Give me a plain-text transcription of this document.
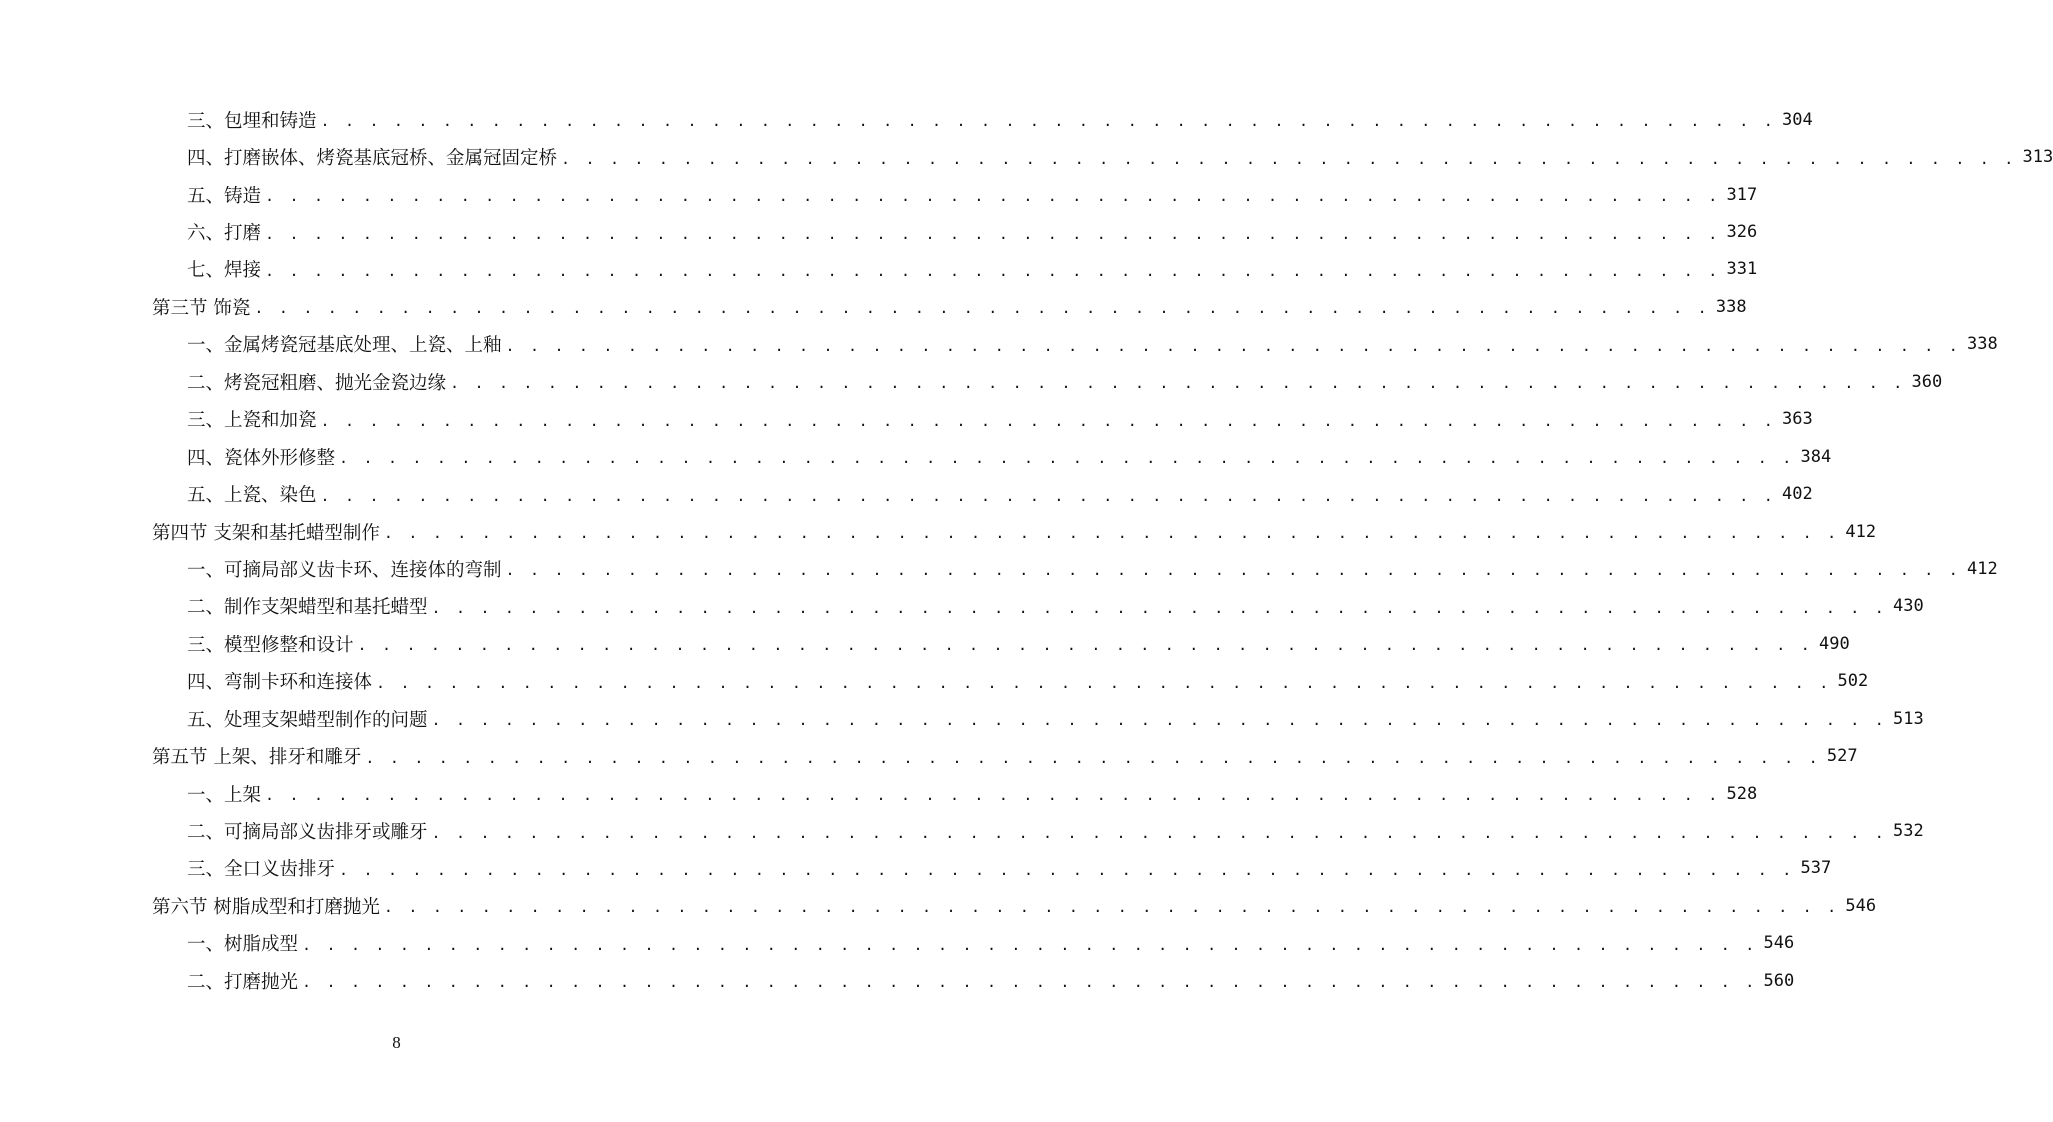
三、包埋和铸造 . . . . . . . . . . . . . . . . . . . . . . . . . . . . . . . . . . . . . . . . . . . . . . . . . . . . . . . . . . . . 304
四、打磨嵌体、烤瓷基底冠桥、金属冠固定桥 . . . . . . . . . . . . . . . . . . . . . . . . . . . . . . . . . . . . . . . . . . . . . . . . . . . . . . . . . . . . 313
五、铸造 . . . . . . . . . . . . . . . . . . . . . . . . . . . . . . . . . . . . . . . . . . . . . . . . . . . . . . . . . . . . 317
六、打磨 . . . . . . . . . . . . . . . . . . . . . . . . . . . . . . . . . . . . . . . . . . . . . . . . . . . . . . . . . . . . 326
七、焊接 . . . . . . . . . . . . . . . . . . . . . . . . . . . . . . . . . . . . . . . . . . . . . . . . . . . . . . . . . . . . 331
第三节 饰瓷 . . . . . . . . . . . . . . . . . . . . . . . . . . . . . . . . . . . . . . . . . . . . . . . . . . . . . . . . . . . . 338
一、金属烤瓷冠基底处理、上瓷、上釉 . . . . . . . . . . . . . . . . . . . . . . . . . . . . . . . . . . . . . . . . . . . . . . . . . . . . . . . . . . . . 338
二、烤瓷冠粗磨、抛光金瓷边缘 . . . . . . . . . . . . . . . . . . . . . . . . . . . . . . . . . . . . . . . . . . . . . . . . . . . . . . . . . . . . 360
三、上瓷和加瓷 . . . . . . . . . . . . . . . . . . . . . . . . . . . . . . . . . . . . . . . . . . . . . . . . . . . . . . . . . . . . 363
四、瓷体外形修整 . . . . . . . . . . . . . . . . . . . . . . . . . . . . . . . . . . . . . . . . . . . . . . . . . . . . . . . . . . . . 384
五、上瓷、染色 . . . . . . . . . . . . . . . . . . . . . . . . . . . . . . . . . . . . . . . . . . . . . . . . . . . . . . . . . . . . 402
第四节 支架和基托蜡型制作 . . . . . . . . . . . . . . . . . . . . . . . . . . . . . . . . . . . . . . . . . . . . . . . . . . . . . . . . . . . . 412
一、可摘局部义齿卡环、连接体的弯制 . . . . . . . . . . . . . . . . . . . . . . . . . . . . . . . . . . . . . . . . . . . . . . . . . . . . . . . . . . . . 412
二、制作支架蜡型和基托蜡型 . . . . . . . . . . . . . . . . . . . . . . . . . . . . . . . . . . . . . . . . . . . . . . . . . . . . . . . . . . . . 430
三、模型修整和设计 . . . . . . . . . . . . . . . . . . . . . . . . . . . . . . . . . . . . . . . . . . . . . . . . . . . . . . . . . . . . 490
四、弯制卡环和连接体 . . . . . . . . . . . . . . . . . . . . . . . . . . . . . . . . . . . . . . . . . . . . . . . . . . . . . . . . . . . . 502
五、处理支架蜡型制作的问题 . . . . . . . . . . . . . . . . . . . . . . . . . . . . . . . . . . . . . . . . . . . . . . . . . . . . . . . . . . . . 513
第五节 上架、排牙和雕牙 . . . . . . . . . . . . . . . . . . . . . . . . . . . . . . . . . . . . . . . . . . . . . . . . . . . . . . . . . . . . 527
一、上架 . . . . . . . . . . . . . . . . . . . . . . . . . . . . . . . . . . . . . . . . . . . . . . . . . . . . . . . . . . . . 528
二、可摘局部义齿排牙或雕牙 . . . . . . . . . . . . . . . . . . . . . . . . . . . . . . . . . . . . . . . . . . . . . . . . . . . . . . . . . . . . 532
三、全口义齿排牙 . . . . . . . . . . . . . . . . . . . . . . . . . . . . . . . . . . . . . . . . . . . . . . . . . . . . . . . . . . . . 537
第六节 树脂成型和打磨抛光 . . . . . . . . . . . . . . . . . . . . . . . . . . . . . . . . . . . . . . . . . . . . . . . . . . . . . . . . . . . . 546
一、树脂成型 . . . . . . . . . . . . . . . . . . . . . . . . . . . . . . . . . . . . . . . . . . . . . . . . . . . . . . . . . . . . 546
二、打磨抛光 . . . . . . . . . . . . . . . . . . . . . . . . . . . . . . . . . . . . . . . . . . . . . . . . . . . . . . . . . . . . 560
8
